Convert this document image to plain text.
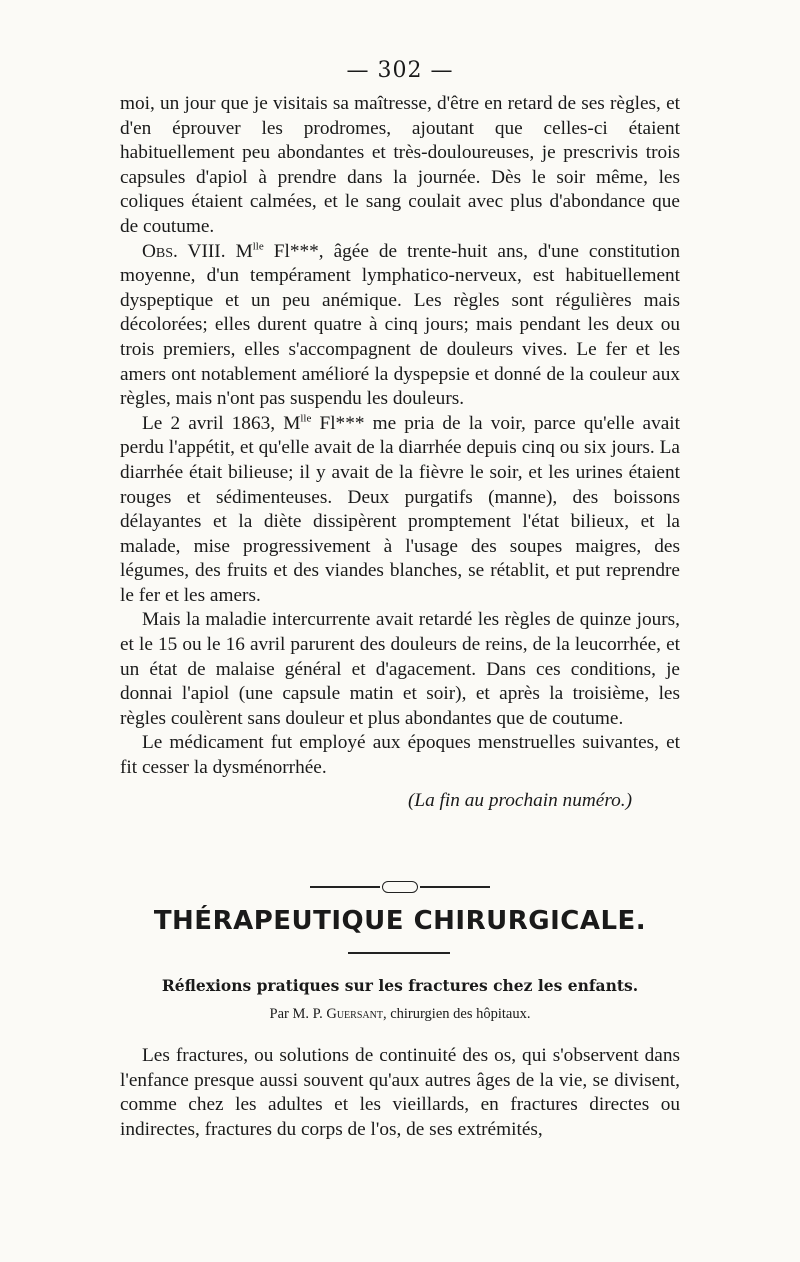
— 302 —

moi, un jour que je visitais sa maîtresse, d'être en retard de ses règles, et d'en éprouver les prodromes, ajoutant que celles-ci étaient habituellement peu abondantes et très-douloureuses, je prescrivis trois capsules d'apiol à prendre dans la journée. Dès le soir même, les coliques étaient calmées, et le sang coulait avec plus d'abondance que de coutume.

Obs. VIII. $M^{lle}$ Fl***, âgée de trente-huit ans, d'une constitution moyenne, d'un tempérament lymphatico-nerveux, est habituellement dyspeptique et un peu anémique. Les règles sont régulières mais décolorées; elles durent quatre à cinq jours; mais pendant les deux ou trois premiers, elles s'accompagnent de douleurs vives. Le fer et les amers ont notablement amélioré la dyspepsie et donné de la couleur aux règles, mais n'ont pas suspendu les douleurs.

Le 2 avril 1863, $M^{lle}$ Fl*** me pria de la voir, parce qu'elle avait perdu l'appétit, et qu'elle avait de la diarrhée depuis cinq ou six jours. La diarrhée était bilieuse; il y avait de la fièvre le soir, et les urines étaient rouges et sédimenteuses. Deux purgatifs (manne), des boissons délayantes et la diète dissipèrent promptement l'état bilieux, et la malade, mise progressivement à l'usage des soupes maigres, des légumes, des fruits et des viandes blanches, se rétablit, et put reprendre le fer et les amers.

Mais la maladie intercurrente avait retardé les règles de quinze jours, et le 15 ou le 16 avril parurent des douleurs de reins, de la leucorrhée, et un état de malaise général et d'agacement. Dans ces conditions, je donnai l'apiol (une capsule matin et soir), et après la troisième, les règles coulèrent sans douleur et plus abondantes que de coutume.

Le médicament fut employé aux époques menstruelles suivantes, et fit cesser la dysménorrhée.

(La fin au prochain numéro.)

THÉRAPEUTIQUE CHIRURGICALE.
Réflexions pratiques sur les fractures chez les enfants.
Par M. P. Guersant, chirurgien des hôpitaux.

Les fractures, ou solutions de continuité des os, qui s'observent dans l'enfance presque aussi souvent qu'aux autres âges de la vie, se divisent, comme chez les adultes et les vieillards, en fractures directes ou indirectes, fractures du corps de l'os, de ses extrémités,
